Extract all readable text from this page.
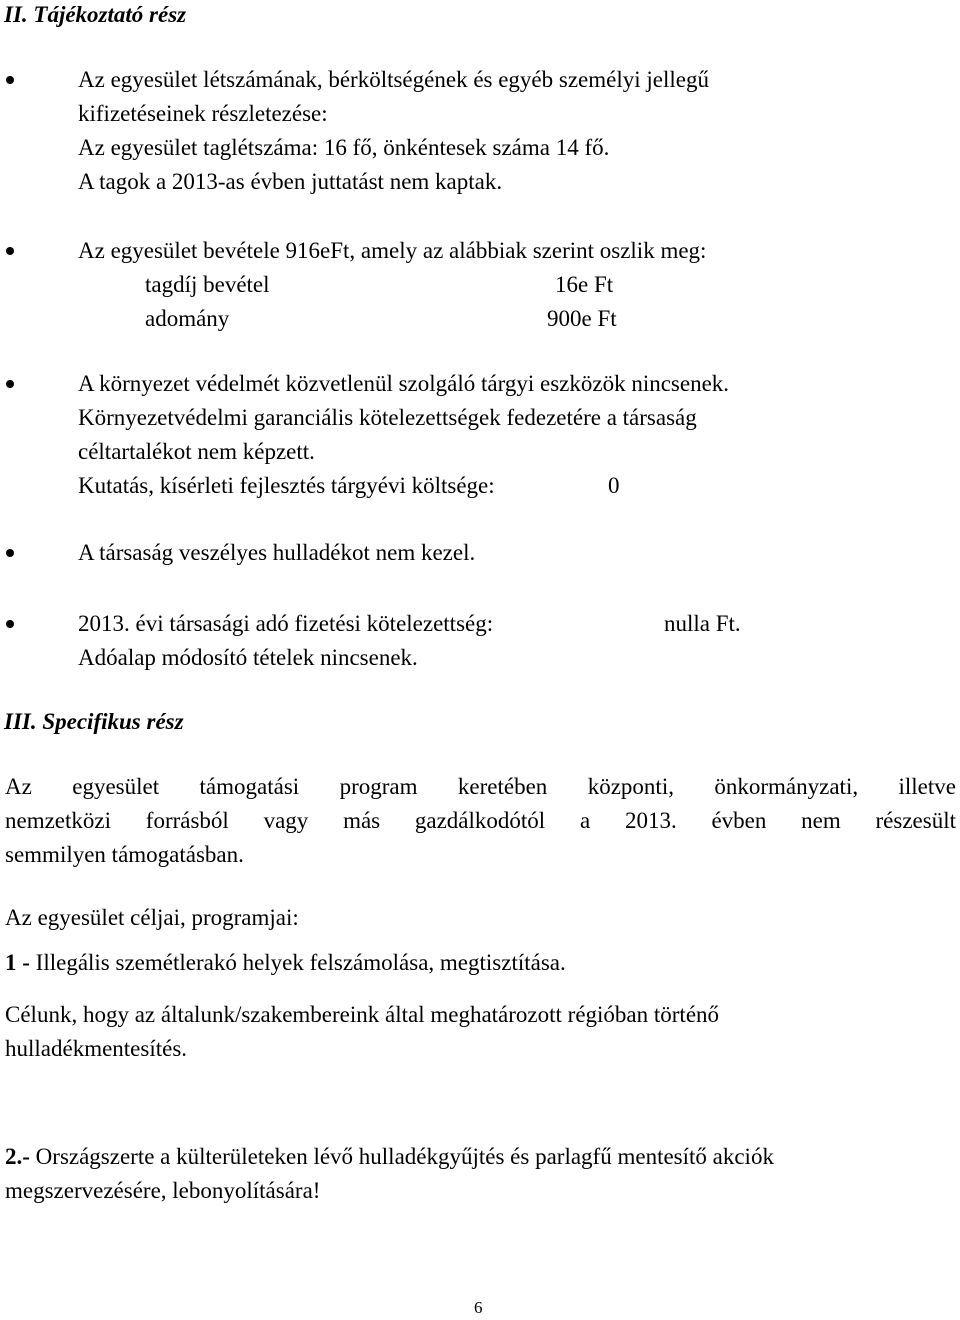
II. Tájékoztató rész
Az egyesület létszámának, bérköltségének és egyéb személyi jellegű
kifizetéseinek részletezése:
Az egyesület taglétszáma: 16 fő, önkéntesek száma 14 fő.
A tagok a 2013-as évben juttatást nem kaptak.
Az egyesület bevétele 916eFt, amely az alábbiak szerint oszlik meg:
tagdíj bevétel	16e Ft
adomány	900e Ft
A környezet védelmét közvetlenül szolgáló tárgyi eszközök nincsenek.
Környezetvédelmi garanciális kötelezettségek fedezetére a társaság
céltartalékot nem képzett.
Kutatás, kísérleti fejlesztés tárgyévi költsége:	0
A társaság veszélyes hulladékot nem kezel.
2013. évi társasági adó fizetési kötelezettség:	nulla Ft.
Adóalap módosító tételek nincsenek.
III. Specifikus rész
Az egyesület támogatási program keretében központi, önkormányzati, illetve
nemzetközi forrásból vagy más gazdálkodótól a 2013. évben nem részesült
semmilyen támogatásban.
Az egyesület céljai, programjai:
1 - Illegális szemétlerakó helyek felszámolása, megtisztítása.
Célunk, hogy az általunk/szakembereink által meghatározott régióban történő
hulladékmentesítés.
2.- Országszerte a külterületeken lévő hulladékgyűjtés és parlagfű mentesítő akciók
megszervezésére, lebonyolítására!
6
